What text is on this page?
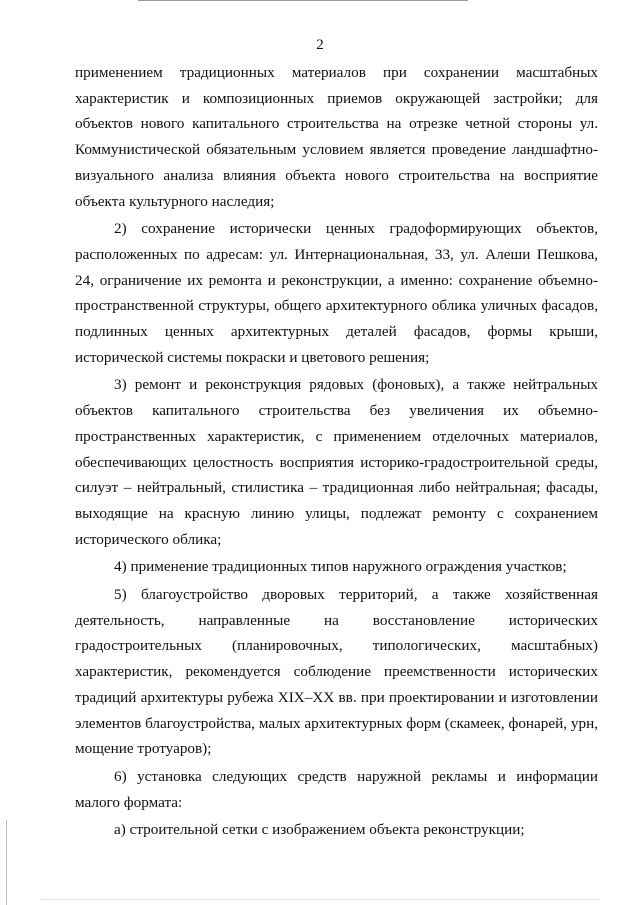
2

применением традиционных материалов при сохранении масштабных характеристик и композиционных приемов окружающей застройки; для объектов нового капитального строительства на отрезке четной стороны ул. Коммунистической обязательным условием является проведение ландшафтно-визуального анализа влияния объекта нового строительства на восприятие объекта культурного наследия;

2) сохранение исторически ценных градоформирующих объектов, расположенных по адресам: ул. Интернациональная, 33, ул. Алеши Пешкова, 24, ограничение их ремонта и реконструкции, а именно: сохранение объемно-пространственной структуры, общего архитектурного облика уличных фасадов, подлинных ценных архитектурных деталей фасадов, формы крыши, исторической системы покраски и цветового решения;

3) ремонт и реконструкция рядовых (фоновых), а также нейтральных объектов капитального строительства без увеличения их объемно-пространственных характеристик, с применением отделочных материалов, обеспечивающих целостность восприятия историко-градостроительной среды, силуэт – нейтральный, стилистика – традиционная либо нейтральная; фасады, выходящие на красную линию улицы, подлежат ремонту с сохранением исторического облика;

4) применение традиционных типов наружного ограждения участков;

5) благоустройство дворовых территорий, а также хозяйственная деятельность, направленные на восстановление исторических градостроительных (планировочных, типологических, масштабных) характеристик, рекомендуется соблюдение преемственности исторических традиций архитектуры рубежа XIX–XX вв. при проектировании и изготовлении элементов благоустройства, малых архитектурных форм (скамеек, фонарей, урн, мощение тротуаров);

6) установка следующих средств наружной рекламы и информации малого формата:

а) строительной сетки с изображением объекта реконструкции;
